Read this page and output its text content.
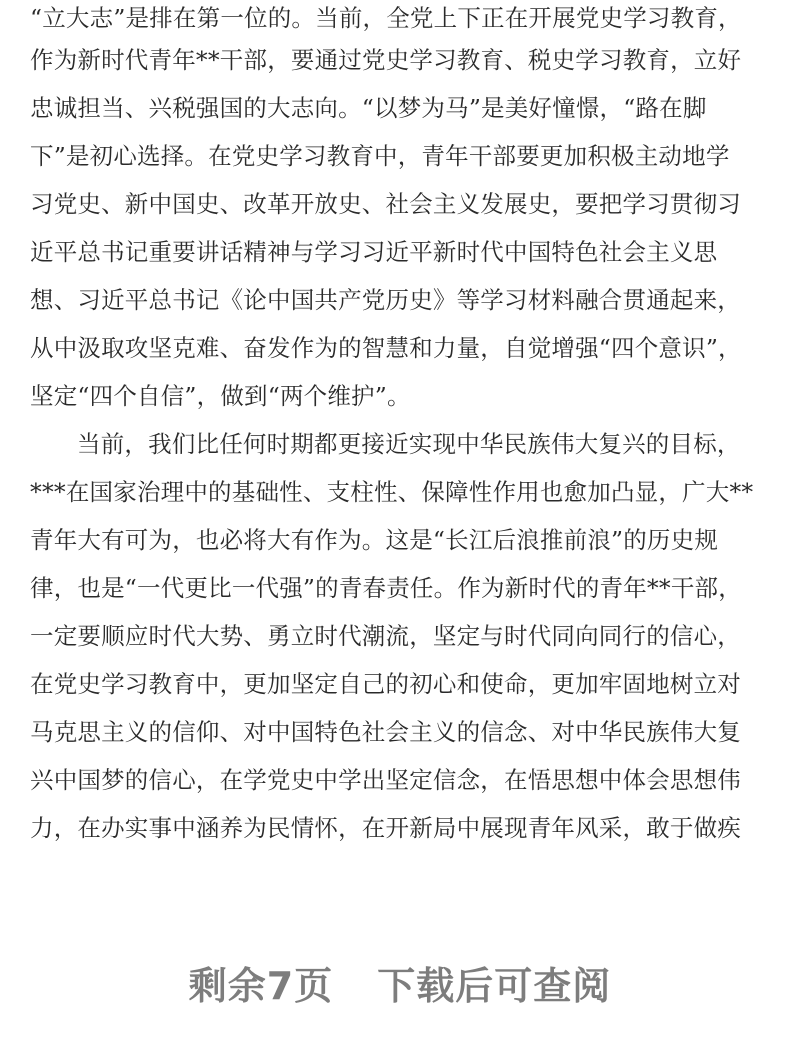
“立大志”是排在第一位的。当前，全党上下正在开展党史学习教育，
作为新时代青年**干部，要通过党史学习教育、税史学习教育，立好
忠诚担当、兴税强国的大志向。“以梦为马”是美好憧憬，“路在脚
下”是初心选择。在党史学习教育中，青年干部要更加积极主动地学
习党史、新中国史、改革开放史、社会主义发展史，要把学习贯彻习
近平总书记重要讲话精神与学习习近平新时代中国特色社会主义思
想、习近平总书记《论中国共产党历史》等学习材料融合贯通起来，
从中汲取攻坚克难、奋发作为的智慧和力量，自觉增强“四个意识”，
坚定“四个自信”，做到“两个维护”。
当前，我们比任何时期都更接近实现中华民族伟大复兴的目标，
***在国家治理中的基础性、支柱性、保障性作用也愈加凸显，广大**
青年大有可为，也必将大有作为。这是“长江后浪推前浪”的历史规
律，也是“一代更比一代强”的青春责任。作为新时代的青年**干部，
一定要顺应时代大势、勇立时代潮流，坚定与时代同向同行的信心，
在党史学习教育中，更加坚定自己的初心和使命，更加牢固地树立对
马克思主义的信仰、对中国特色社会主义的信念、对中华民族伟大复
兴中国梦的信心，在学党史中学出坚定信念，在悟思想中体会思想伟
力，在办实事中涵养为民情怀，在开新局中展现青年风采，敢于做疾
剩余7页 下载后可查阅
